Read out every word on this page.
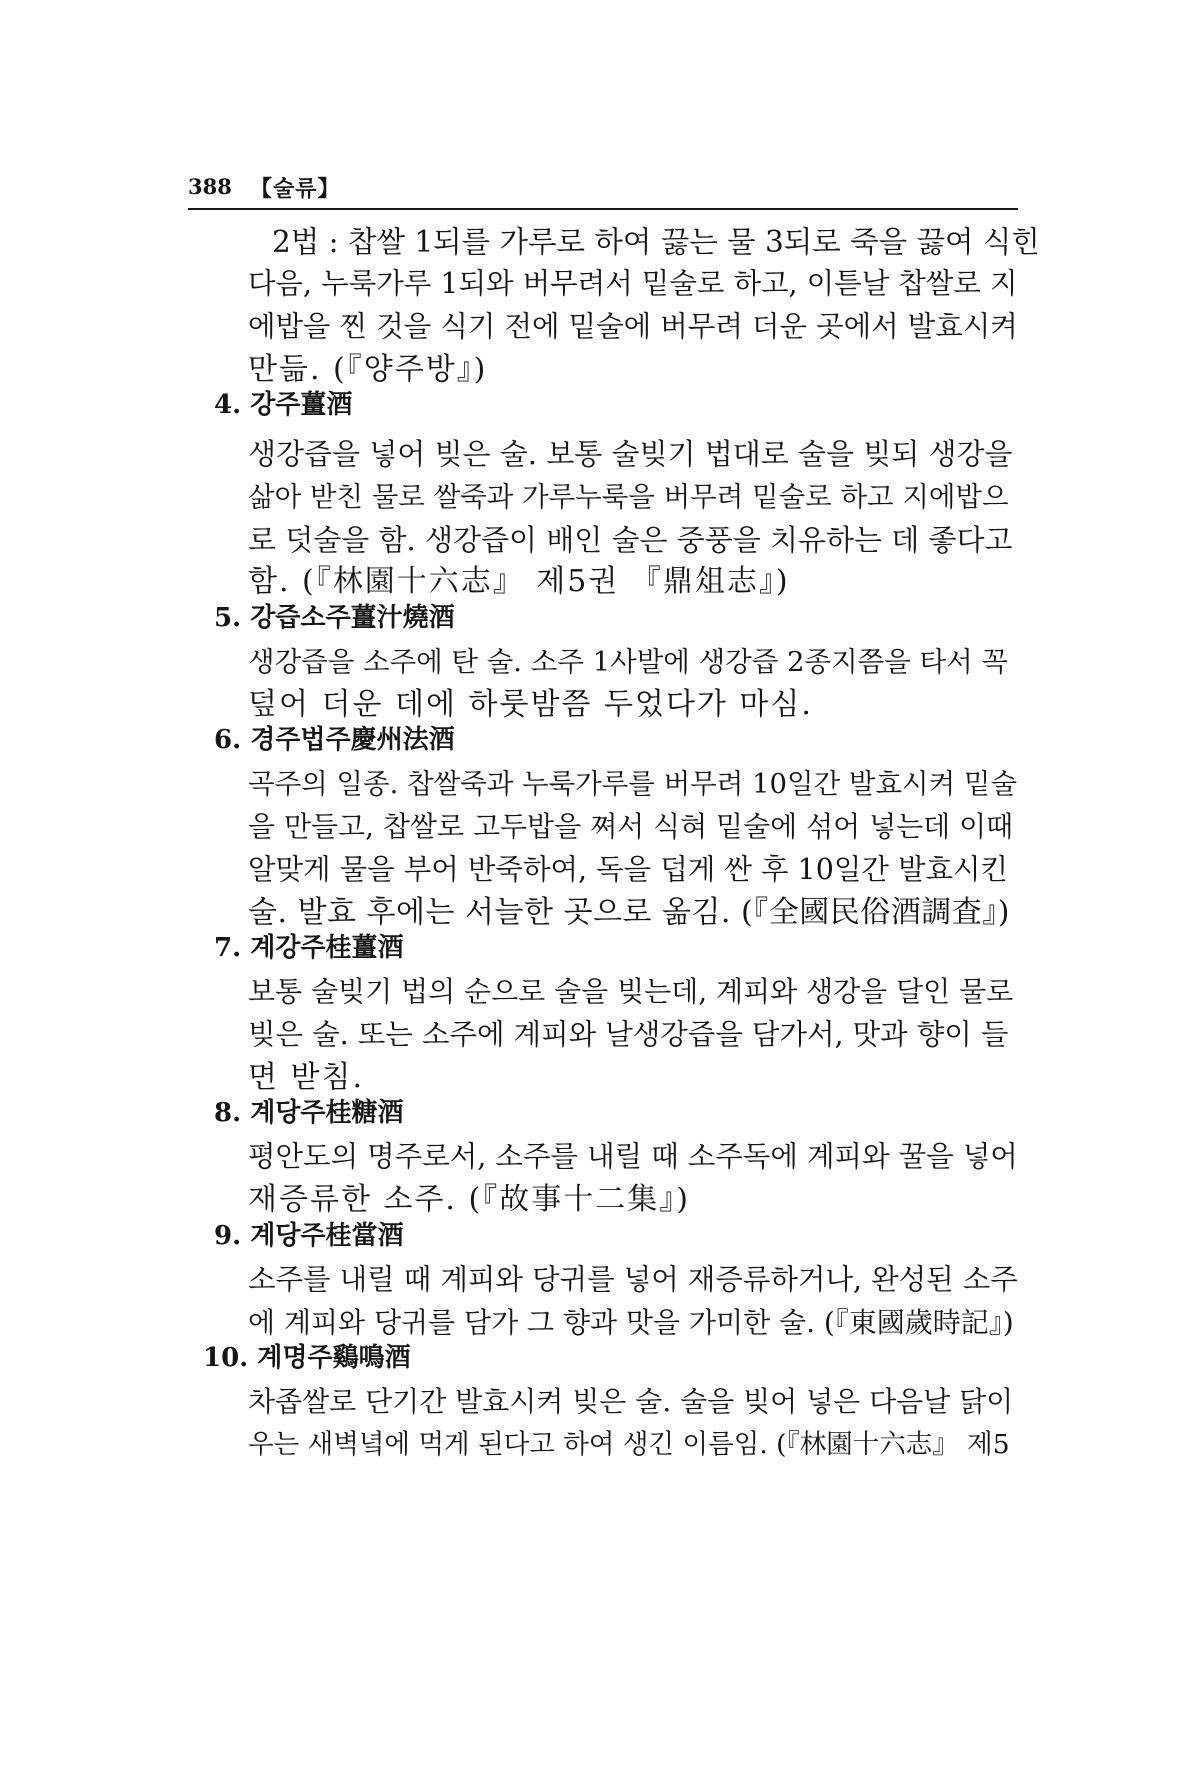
388 【술류】
2법 : 찹쌀 1되를 가루로 하여 끓는 물 3되로 죽을 끓여 식힌
다음, 누룩가루 1되와 버무려서 밑술로 하고, 이튿날 찹쌀로 지
에밥을 찐 것을 식기 전에 밑술에 버무려 더운 곳에서 발효시켜
만듦. (『양주방』)
4. 강주薑酒
생강즙을 넣어 빚은 술. 보통 술빚기 법대로 술을 빚되 생강을
삶아 받친 물로 쌀죽과 가루누룩을 버무려 밑술로 하고 지에밥으
로 덧술을 함. 생강즙이 배인 술은 중풍을 치유하는 데 좋다고
함. (『林園十六志』 제5권 『鼎俎志』)
5. 강즙소주薑汁燒酒
생강즙을 소주에 탄 술. 소주 1사발에 생강즙 2종지쯤을 타서 꼭
덮어 더운 데에 하룻밤쯤 두었다가 마심.
6. 경주법주慶州法酒
곡주의 일종. 찹쌀죽과 누룩가루를 버무려 10일간 발효시켜 밑술
을 만들고, 찹쌀로 고두밥을 쪄서 식혀 밑술에 섞어 넣는데 이때
알맞게 물을 부어 반죽하여, 독을 덥게 싼 후 10일간 발효시킨
술. 발효 후에는 서늘한 곳으로 옮김. (『全國民俗酒調査』)
7. 계강주桂薑酒
보통 술빚기 법의 순으로 술을 빚는데, 계피와 생강을 달인 물로
빚은 술. 또는 소주에 계피와 날생강즙을 담가서, 맛과 향이 들
면 받침.
8. 계당주桂糖酒
평안도의 명주로서, 소주를 내릴 때 소주독에 계피와 꿀을 넣어
재증류한 소주. (『故事十二集』)
9. 계당주桂當酒
소주를 내릴 때 계피와 당귀를 넣어 재증류하거나, 완성된 소주
에 계피와 당귀를 담가 그 향과 맛을 가미한 술. (『東國歲時記』)
10. 계명주鷄鳴酒
차좁쌀로 단기간 발효시켜 빚은 술. 술을 빚어 넣은 다음날 닭이
우는 새벽녘에 먹게 된다고 하여 생긴 이름임. (『林園十六志』 제5
